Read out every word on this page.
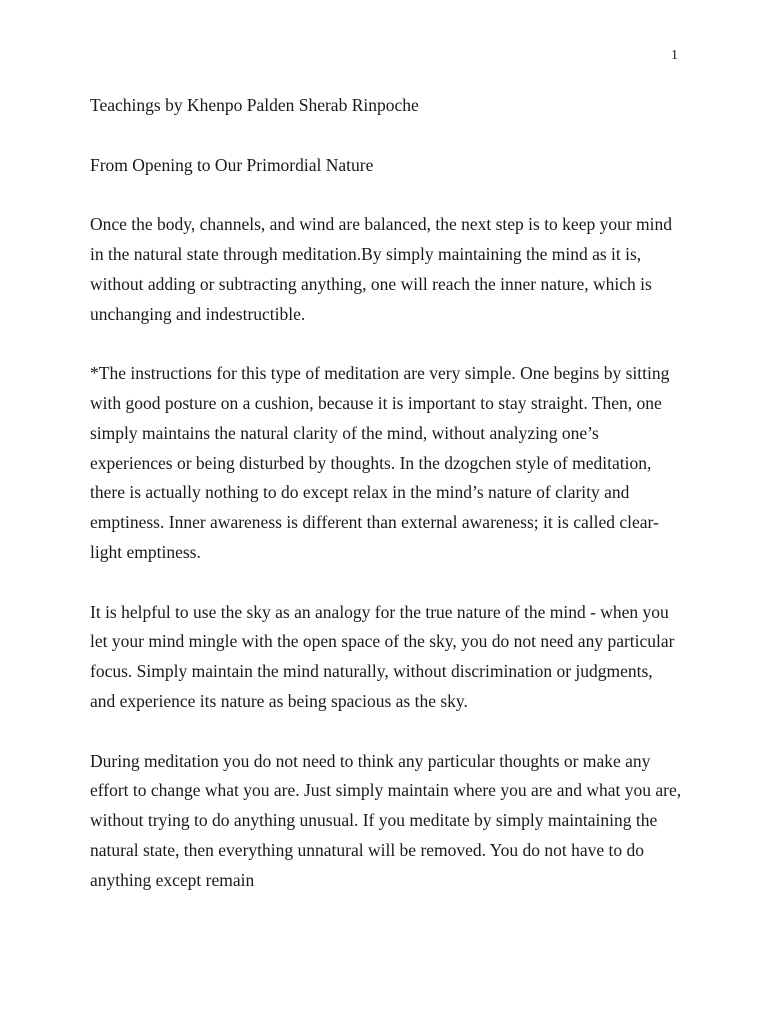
1

Teachings by Khenpo Palden Sherab Rinpoche

From Opening to Our Primordial Nature

Once the body, channels, and wind are balanced, the next step is to keep your mind in the natural state through meditation.By simply maintaining the mind as it is, without adding or subtracting anything, one will reach the inner nature, which is unchanging and indestructible.

*The instructions for this type of meditation are very simple. One begins by sitting with good posture on a cushion, because it is important to stay straight. Then, one simply maintains the natural clarity of the mind, without analyzing one’s experiences or being disturbed by thoughts. In the dzogchen style of meditation, there is actually nothing to do except relax in the mind’s nature of clarity and emptiness. Inner awareness is different than external awareness; it is called clear-light emptiness.

It is helpful to use the sky as an analogy for the true nature of the mind - when you let your mind mingle with the open space of the sky, you do not need any particular focus. Simply maintain the mind naturally, without discrimination or judgments, and experience its nature as being spacious as the sky.

During meditation you do not need to think any particular thoughts or make any effort to change what you are. Just simply maintain where you are and what you are, without trying to do anything unusual. If you meditate by simply maintaining the natural state, then everything unnatural will be removed. You do not have to do anything except remain
